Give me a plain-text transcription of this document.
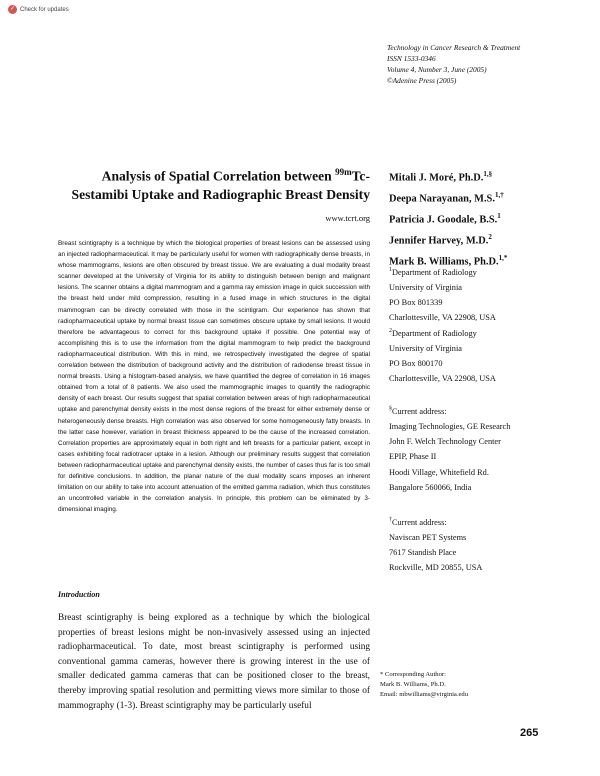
✓ Check for updates
Technology in Cancer Research & Treatment
ISSN 1533-0346
Volume 4, Number 3, June (2005)
©Adenine Press (2005)
Analysis of Spatial Correlation between $^{99m}$Tc-
Sestamibi Uptake and Radiographic Breast Density
www.tcrt.org

Breast scintigraphy is a technique by which the biological properties of breast lesions can be assessed using an injected radiopharmaceutical. It may be particularly useful for women with radiographically dense breasts, in whose mammograms, lesions are often obscured by breast tissue. We are evaluating a dual modality breast scanner developed at the University of Virginia for its ability to distinguish between benign and malignant lesions. The scanner obtains a digital mammogram and a gamma ray emission image in quick succession with the breast held under mild compression, resulting in a fused image in which structures in the digital mammogram can be directly correlated with those in the scintigram. Our experience has shown that radiopharmaceutical uptake by normal breast tissue can sometimes obscure uptake by small lesions. It would therefore be advantageous to correct for this background uptake if possible. One potential way of accomplishing this is to use the information from the digital mammogram to help predict the background radiopharmaceutical distribution. With this in mind, we retrospectively investigated the degree of spatial correlation between the distribution of background activity and the distribution of radiodense breast tissue in normal breasts. Using a histogram-based analysis, we have quantified the degree of correlation in 16 images obtained from a total of 8 patients. We also used the mammographic images to quantify the radiographic density of each breast. Our results suggest that spatial correlation between areas of high radiopharmaceutical uptake and parenchymal density exists in the most dense regions of the breast for either extremely dense or heterogeneously dense breasts. High correlation was also observed for some homogeneously fatty breasts. In the latter case however, variation in breast thickness appeared to be the cause of the increased correlation. Correlation properties are approximately equal in both right and left breasts for a particular patient, except in cases exhibiting focal radiotracer uptake in a lesion. Although our preliminary results suggest that correlation between radiopharmaceutical uptake and parenchymal density exists, the number of cases thus far is too small for definitive conclusions. In addition, the planar nature of the dual modality scans imposes an inherent limitation on our ability to take into account attenuation of the emitted gamma radiation, which thus constitutes an uncontrolled variable in the correlation analysis. In principle, this problem can be eliminated by 3-dimensional imaging.

Mitali J. Moré, Ph.D.$^{1,\S}$
Deepa Narayanan, M.S.$^{1,\dagger}$
Patricia J. Goodale, B.S.$^1$
Jennifer Harvey, M.D.$^2$
Mark B. Williams, Ph.D.$^{1,*}$
$^1$Department of Radiology
University of Virginia
PO Box 801339
Charlottesville, VA 22908, USA
$^2$Department of Radiology
University of Virginia
PO Box 800170
Charlottesville, VA 22908, USA
§Current address:
Imaging Technologies, GE Research
John F. Welch Technology Center
EPIP, Phase II
Hoodi Village, Whitefield Rd.
Bangalore 560066, India
†Current address:
Naviscan PET Systems
7617 Standish Place
Rockville, MD 20855, USA
Introduction

Breast scintigraphy is being explored as a technique by which the biological properties of breast lesions might be non-invasively assessed using an injected radiopharmaceutical. To date, most breast scintigraphy is performed using conventional gamma cameras, however there is growing interest in the use of smaller dedicated gamma cameras that can be positioned closer to the breast, thereby improving spatial resolution and permitting views more similar to those of mammography (1-3). Breast scintigraphy may be particularly useful

* Corresponding Author:
Mark B. Williams, Ph.D.
Email: mbwilliams@virginia.edu
265
